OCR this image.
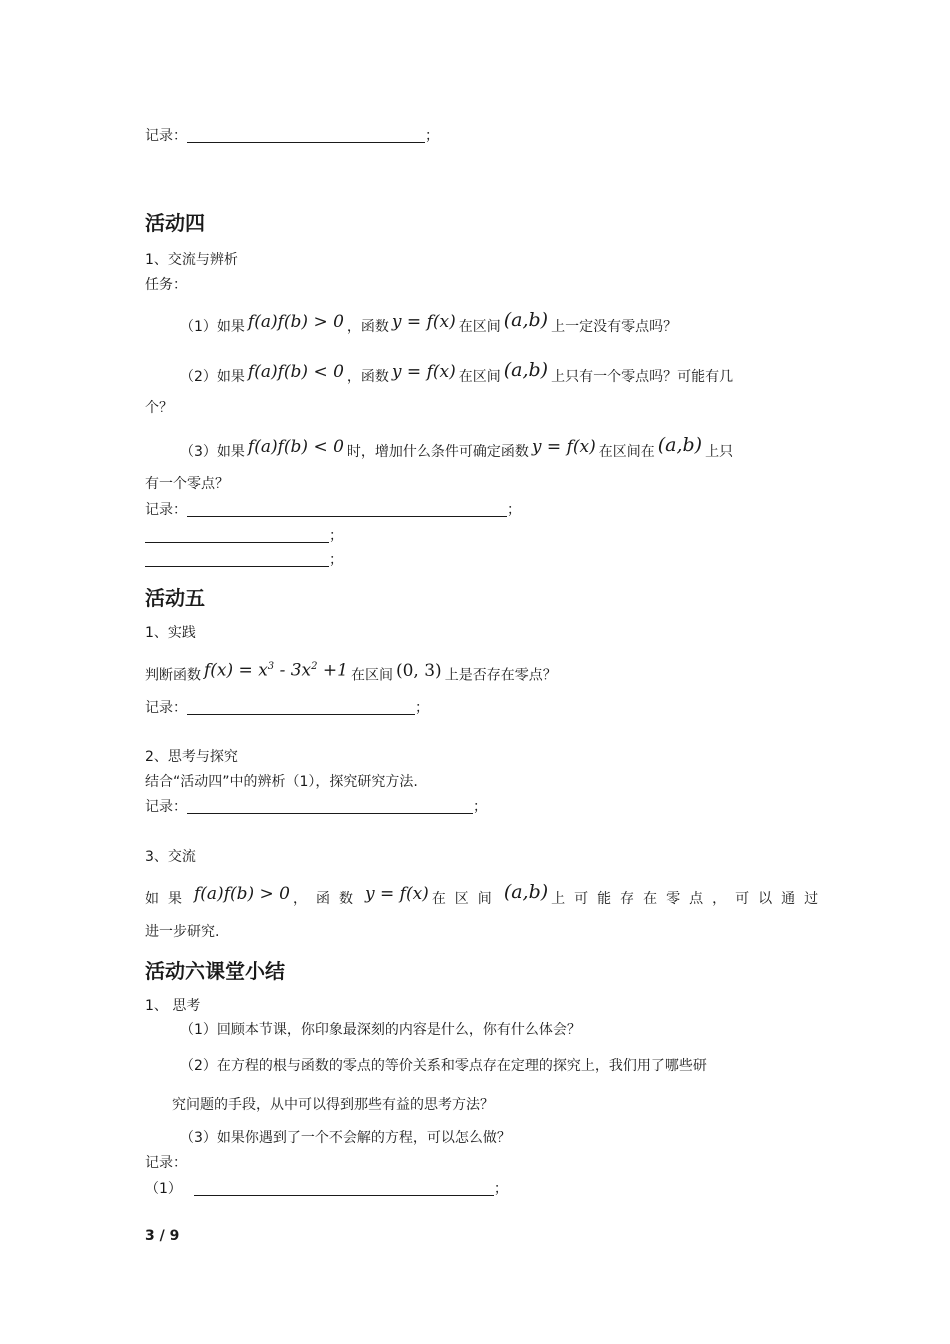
记录：	；
活动四
1、交流与辨析
任务：
（1）如果 f(a)f(b) > 0 ，函数 y = f(x) 在区间 (a,b) 上一定没有零点吗？
（2）如果 f(a)f(b) < 0 ，函数 y = f(x) 在区间 (a,b) 上只有一个零点吗？可能有几
个？
（3）如果 f(a)f(b) < 0 时，增加什么条件可确定函数 y = f(x) 在区间在 (a,b) 上只
有一个零点？
记录：	；
；
；
活动五
1、实践
判断函数 $f(x) = x^3 - 3x^2 +1$ 在区间 (0, 3) 上是否存在零点？
记录：	；
2、思考与探究
结合“活动四”中的辨析（1），探究研究方法.
记录：	；
3、交流
如果 f(a)f(b) > 0 ，函数 y = f(x) 在区间 (a,b) 上可能存在零点，可以通过
进一步研究.
活动六课堂小结
1、 思考
（1）回顾本节课，你印象最深刻的内容是什么，你有什么体会？
（2）在方程的根与函数的零点的等价关系和零点存在定理的探究上，我们用了哪些研
究问题的手段，从中可以得到那些有益的思考方法？
（3）如果你遇到了一个不会解的方程，可以怎么做？
记录：
（1）	；
3 / 9
